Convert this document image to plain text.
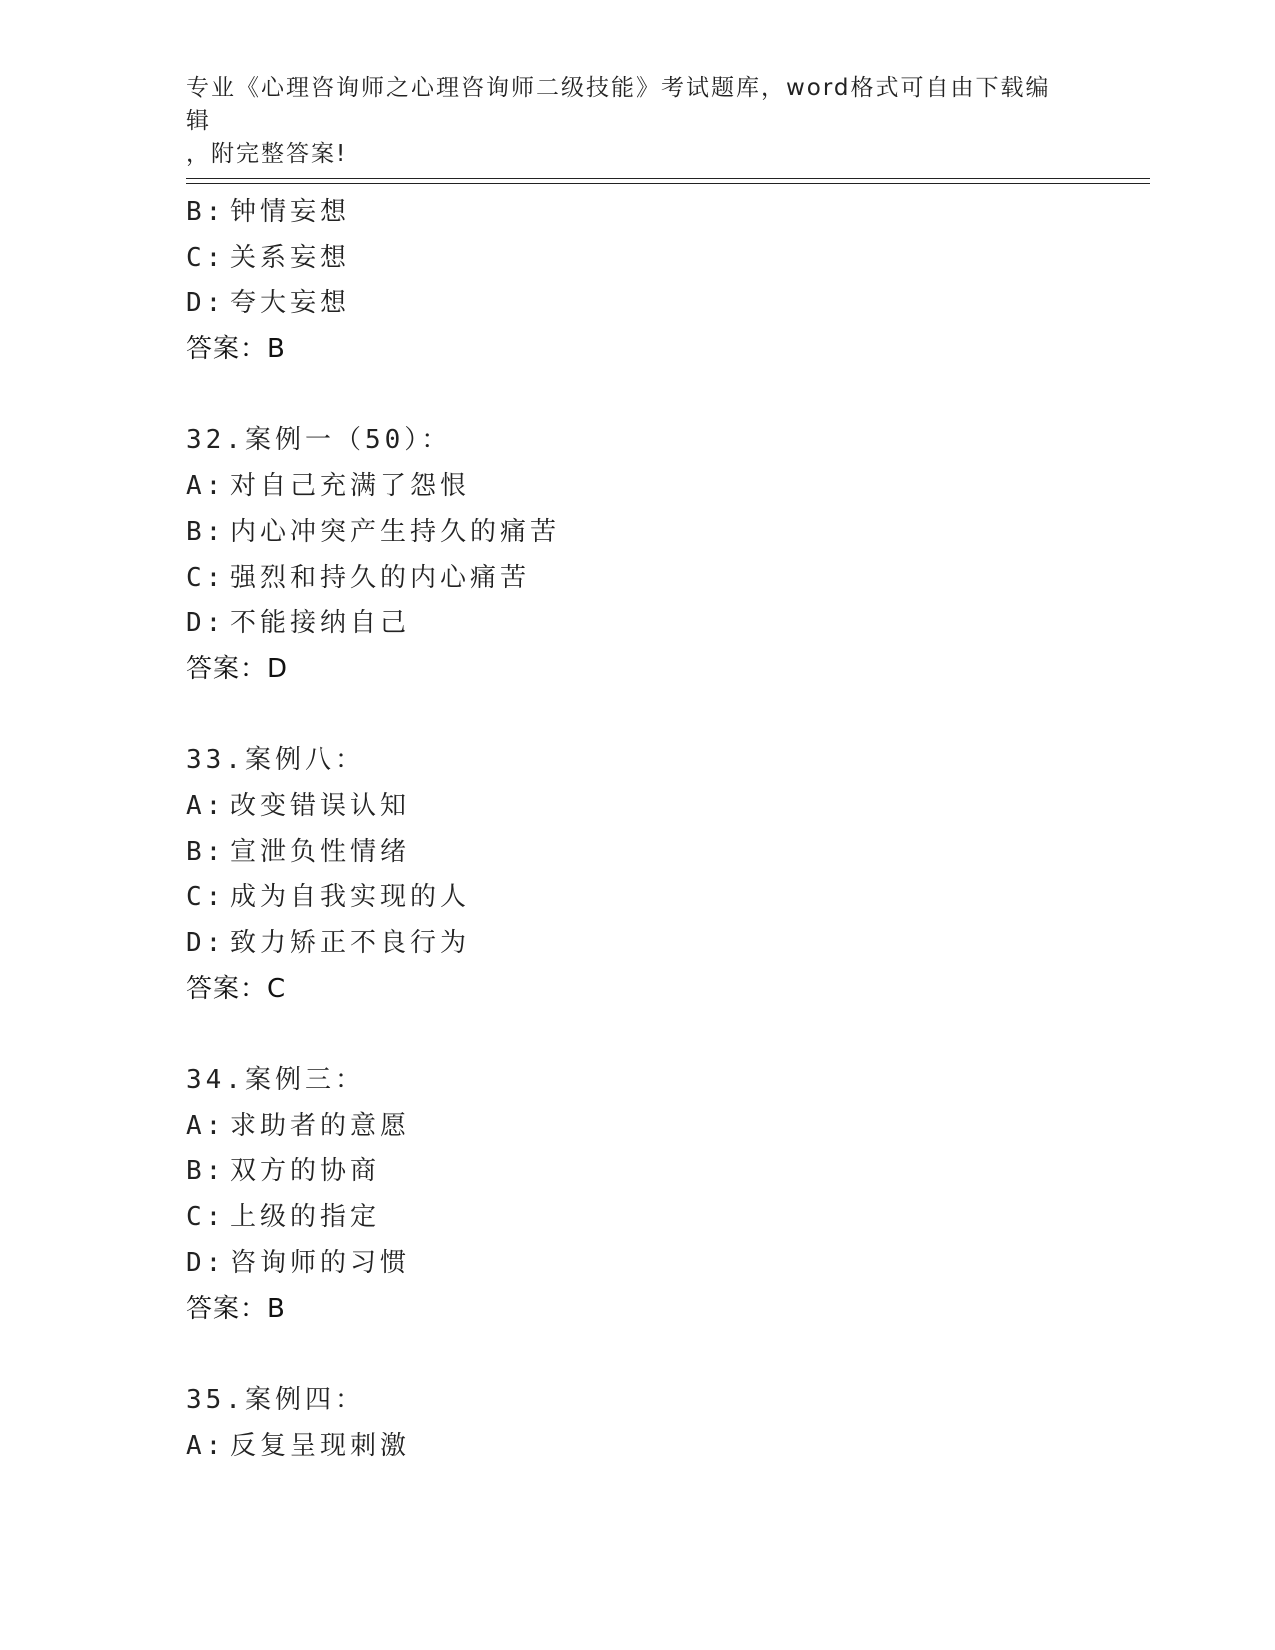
专业《心理咨询师之心理咨询师二级技能》考试题库，word格式可自由下载编辑
，附完整答案!
B: 钟情妄想
C: 关系妄想
D: 夸大妄想
答案：B
32.案例一（50）：
A: 对自己充满了怨恨
B: 内心冲突产生持久的痛苦
C: 强烈和持久的内心痛苦
D: 不能接纳自己
答案：D
33.案例八：
A: 改变错误认知
B: 宣泄负性情绪
C: 成为自我实现的人
D: 致力矫正不良行为
答案：C
34.案例三：
A: 求助者的意愿
B: 双方的协商
C: 上级的指定
D: 咨询师的习惯
答案：B
35.案例四：
A: 反复呈现刺激
